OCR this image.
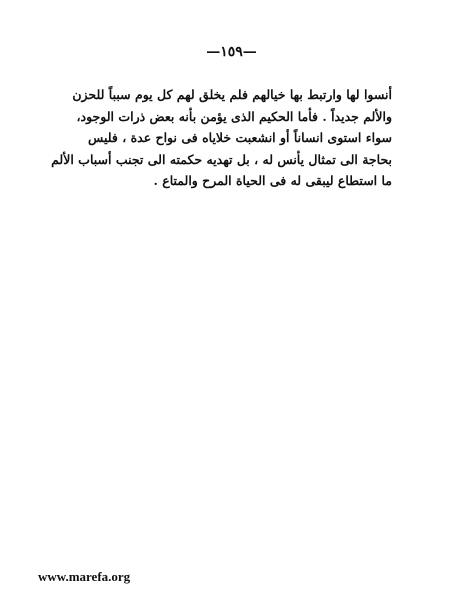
—١٥٩—
أنسوا لها وارتبط بها خيالهم فلم يخلق لهم كل يوم سبباً للحزن
والألم جديداً . فأما الحكيم الذى يؤمن بأنه بعض ذرات الوجود،
سواء استوى انساناً أو انشعبت خلاياه فى نواح عدة ، فليس
بحاجة الى تمثال يأنس له ، بل تهديه حكمته الى تجنب أسباب الألم
ما استطاع ليبقى له فى الحياة المرح والمتاع .
www.marefa.org
